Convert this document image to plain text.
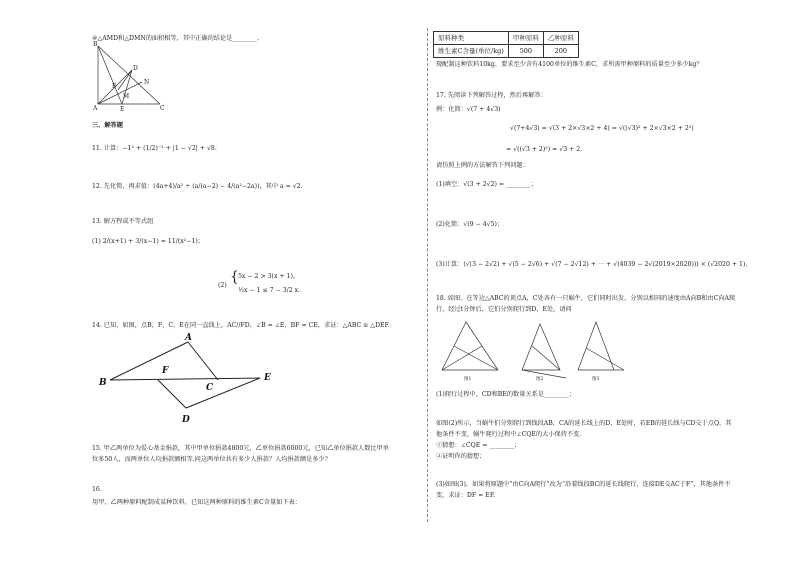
④△AMD和△DMN的面积相等，其中正确的结论是________.
B
D
N
F
M
A	E	C
三、解答题
11. 计算：−1² + (1/2)⁻¹ + |1 − √2| + √8.
12. 先化简，再求值：(4a+4)/a² ÷ (a/(a−2) − 4/(a²−2a))，其中 a = √2.
13. 解方程或不等式组
(1) 2/(x+1) + 3/(x−1) = 11/(x²−1)；
(2)
{ 5x − 2 > 3(x + 1)，
½x − 1 ≤ 7 − 3/2 x.
14. 已知，如图，点B，F，C，E在同一直线上，AC//FD，∠B = ∠E，BF = CE，求证：△ABC ≅ △DEF.
A
B
F
C
E
D
15. 甲乙两单位为爱心基金捐款，其中甲单位捐款4800元，乙单位捐款6000元，已知乙单位捐款人数比甲单
位多50人，而两单位人均捐款额相等.问这两单位共有多少人捐款？人均捐款额是多少？
16.
用甲、乙两种原料配制成某种饮料，已知这两种原料的维生素C含量如下表：
原料种类	甲种原料	乙种原料
维生素C含量(单位/kg)	500	200
现配制这种饮料10kg，要求至少含有4100单位的维生素C，求所需甲种原料的质量至少多少kg？
17. 先阅读下列解答过程，然后再解答：
例：化简：√(7 + 4√3)
√(7+4√3) = √(3 + 2×√3×2 + 4) = √((√3)² + 2×√3×2 + 2²)
= √((√3 + 2)²) = √3 + 2.
请仿照上例的方法解答下列问题：
(1)填空：√(3 + 2√2) = ________；
(2)化简：√(9 − 4√5)；
(3)计算：(√(3 − 2√2) + √(5 − 2√6) + √(7 − 2√12) + ⋯ + √(4039 − 2√(2019×2020))) × (√2020 + 1).
18. 如图，在等边△ABC的顶点A，C处各有一只蜗牛，它们同时出发，分别以相同的速度由A向B和由C向A爬
行，经过t分钟后，它们分别爬行到D，E处，请问
图1	图2	图3
(1)爬行过程中，CD和BE的数量关系是________；
如图(2)所示，当蜗牛们分别爬行到线段AB，CA的延长线上的D，E处时，若EB的延长线与CD交于点Q，其
他条件不变，蜗牛爬行过程中∠CQE的大小保持不变.
①猜想：∠CQE = ________；
②证明你的猜想；
(3)如图(3)，如果将原题中“由C向A爬行”改为“沿着线段BC的延长线爬行，连接DE交AC于F”，其他条件不
变，求证：DF = EF.
